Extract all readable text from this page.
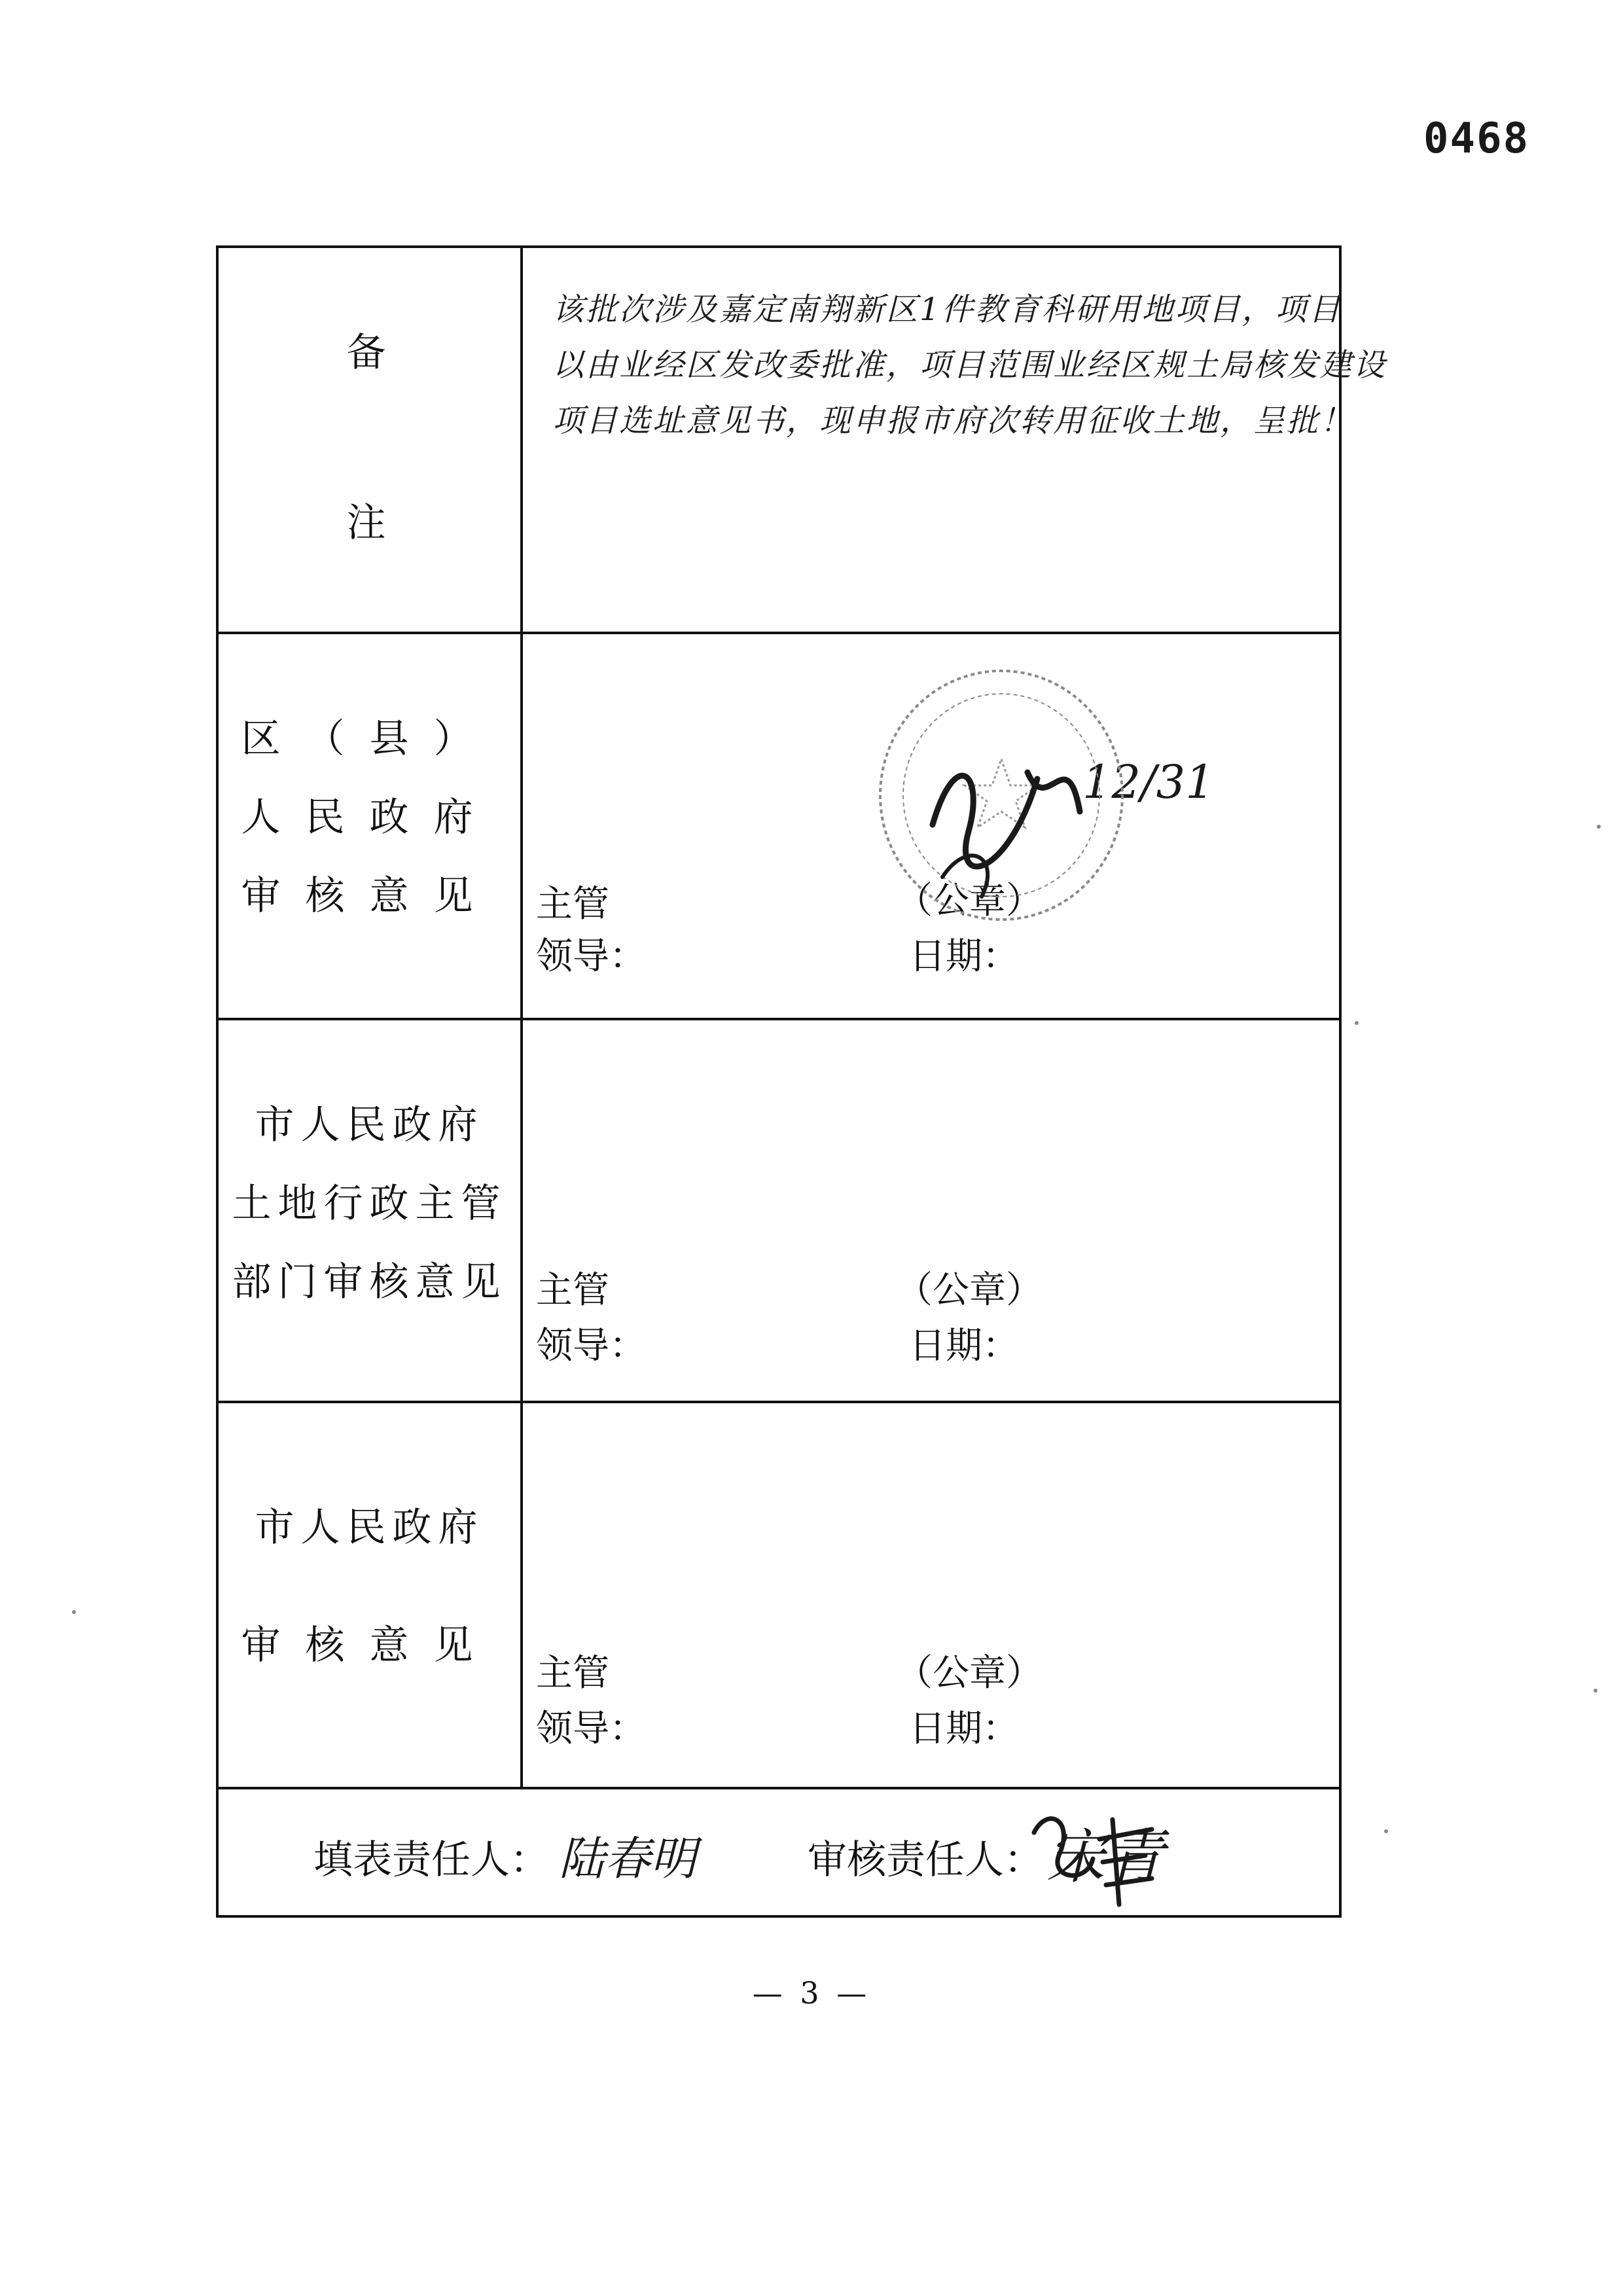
0468
备
注
该批次涉及嘉定南翔新区1件教育科研用地项目，项目
以由业经区发改委批准，项目范围业经区规土局核发建设
项目选址意见书，现申报市府次转用征收土地，呈批！
区（县）
人民政府
审核意见	主管
领导：
（公章）
日期：
12/31
市人民政府
土地行政主管
部门审核意见 主管
领导：
（公章）
日期：
市人民政府
审核意见
主管
领导：
（公章）
日期：
填表责任人： 陆春明	审核责任人： 宋青
— 3 —
